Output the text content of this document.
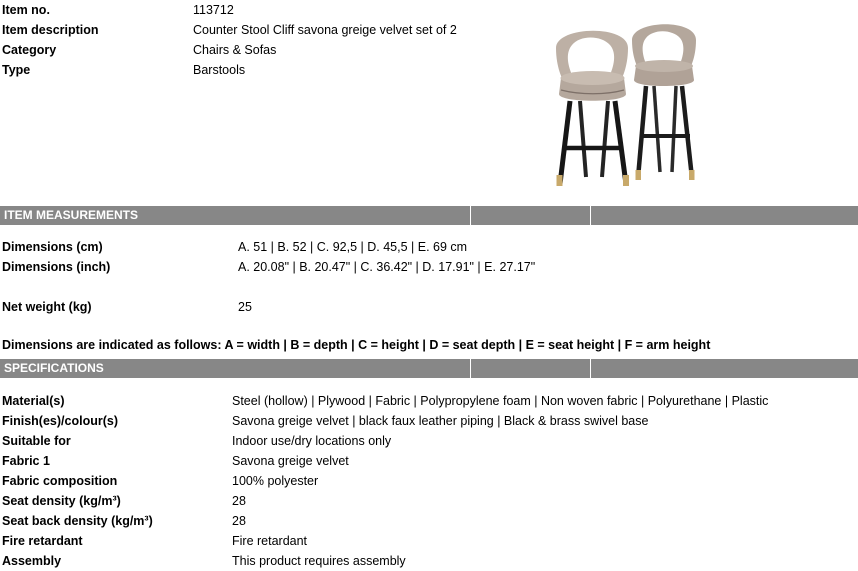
Item no.	113712
Item description	Counter Stool Cliff savona greige velvet set of 2
Category	Chairs & Sofas
Type	Barstools
ITEM MEASUREMENTS
Dimensions (cm)	A. 51 | B. 52 | C. 92,5 | D. 45,5 | E. 69 cm
Dimensions (inch)	A. 20.08" | B. 20.47" | C. 36.42" | D. 17.91" | E. 27.17"
Net weight (kg)	25
Dimensions are indicated as follows: A = width | B = depth | C = height | D = seat depth | E = seat height | F = arm height
SPECIFICATIONS
Material(s)	Steel (hollow) | Plywood | Fabric | Polypropylene foam | Non woven fabric | Polyurethane | Plastic
Finish(es)/colour(s)	Savona greige velvet | black faux leather piping | Black & brass swivel base
Suitable for	Indoor use/dry locations only
Fabric 1	Savona greige velvet
Fabric composition	100% polyester
Seat density (kg/m³)	28
Seat back density (kg/m³)	28
Fire retardant	Fire retardant
Assembly	This product requires assembly
